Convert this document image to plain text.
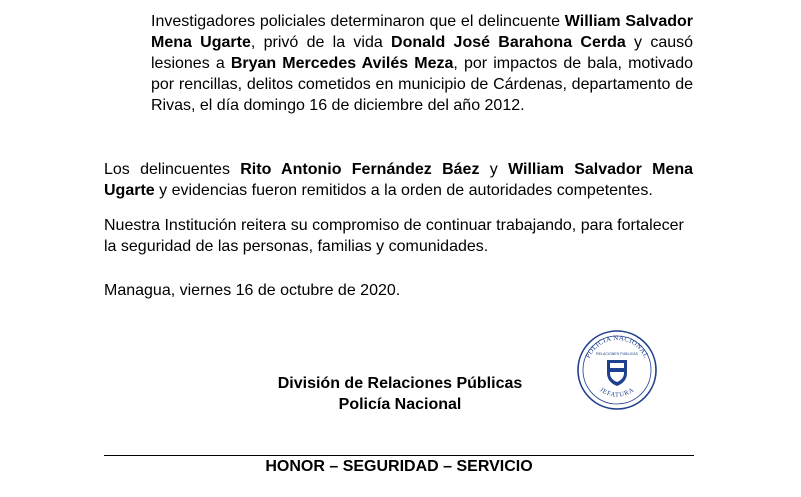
Investigadores policiales determinaron que el delincuente William Salvador Mena Ugarte, privó de la vida Donald José Barahona Cerda y causó lesiones a Bryan Mercedes Avilés Meza, por impactos de bala, motivado por rencillas, delitos cometidos en municipio de Cárdenas, departamento de Rivas, el día domingo 16 de diciembre del año 2012.

Los delincuentes Rito Antonio Fernández Báez y William Salvador Mena Ugarte y evidencias fueron remitidos a la orden de autoridades competentes.

Nuestra Institución reitera su compromiso de continuar trabajando, para fortalecer la seguridad de las personas, familias y comunidades.

Managua, viernes 16 de octubre de 2020.

División de Relaciones Públicas
Policía Nacional
POLICIA NACIONAL
RELACIONES PUBLICAS
JEFATURA
HONOR – SEGURIDAD – SERVICIO
